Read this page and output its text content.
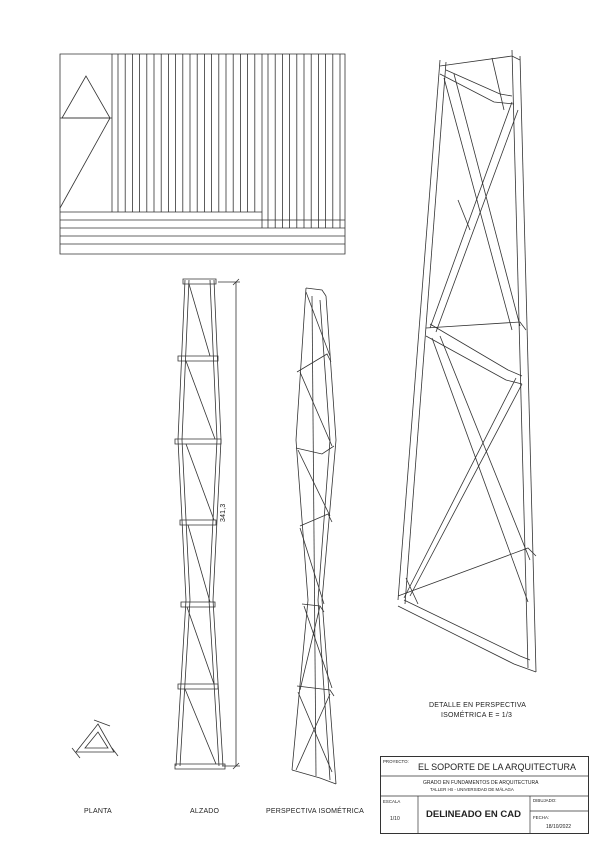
PLANTA	ALZADO	PERSPECTIVA ISOMÉTRICA
DETALLE EN PERSPECTIVA
ISOMÉTRICA E = 1/3
341,3
PROYECTO:
EL SOPORTE DE LA ARQUITECTURA
GRADO EN FUNDAMENTOS DE ARQUITECTURA
TALLER I-B - UNIVERSIDAD DE MÁLAGA
ESCALA
1/10	DELINEADO EN CAD
DIBUJADO:
FECHA:
18/10/2022
